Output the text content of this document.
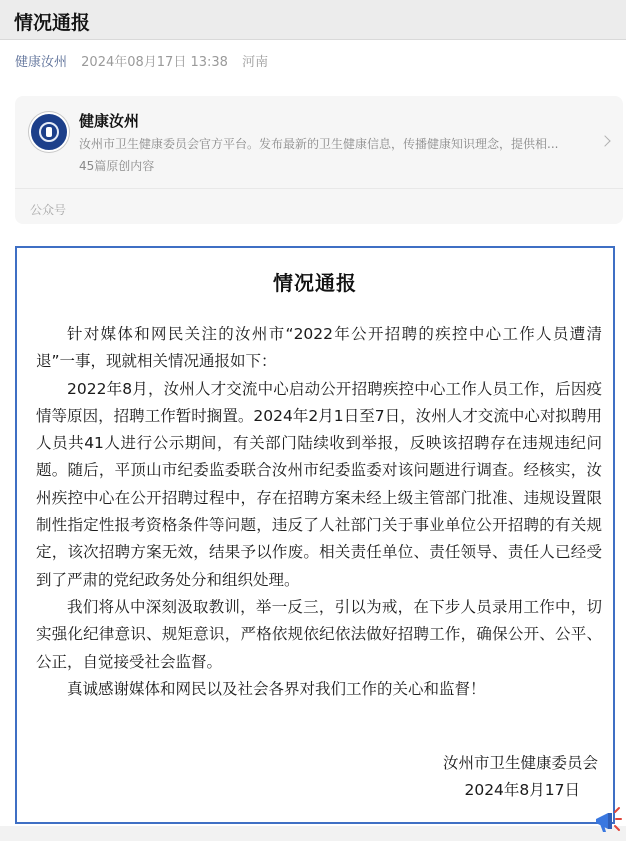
情况通报
健康汝州 2024年08月17日 13:38 河南
健康汝州
汝州市卫生健康委员会官方平台。发布最新的卫生健康信息，传播健康知识理念，提供相...
45篇原创内容
公众号
情况通报

针对媒体和网民关注的汝州市“2022年公开招聘的疾控中心工作人员遭清退”一事，现就相关情况通报如下：

2022年8月，汝州人才交流中心启动公开招聘疾控中心工作人员工作，后因疫情等原因，招聘工作暂时搁置。2024年2月1日至7日，汝州人才交流中心对拟聘用人员共41人进行公示期间，有关部门陆续收到举报，反映该招聘存在违规违纪问题。随后，平顶山市纪委监委联合汝州市纪委监委对该问题进行调查。经核实，汝州疾控中心在公开招聘过程中，存在招聘方案未经上级主管部门批准、违规设置限制性指定性报考资格条件等问题，违反了人社部门关于事业单位公开招聘的有关规定，该次招聘方案无效，结果予以作废。相关责任单位、责任领导、责任人已经受到了严肃的党纪政务处分和组织处理。

我们将从中深刻汲取教训，举一反三，引以为戒，在下步人员录用工作中，切实强化纪律意识、规矩意识，严格依规依纪依法做好招聘工作，确保公开、公平、公正，自觉接受社会监督。

真诚感谢媒体和网民以及社会各界对我们工作的关心和监督！

汝州市卫生健康委员会
2024年8月17日
